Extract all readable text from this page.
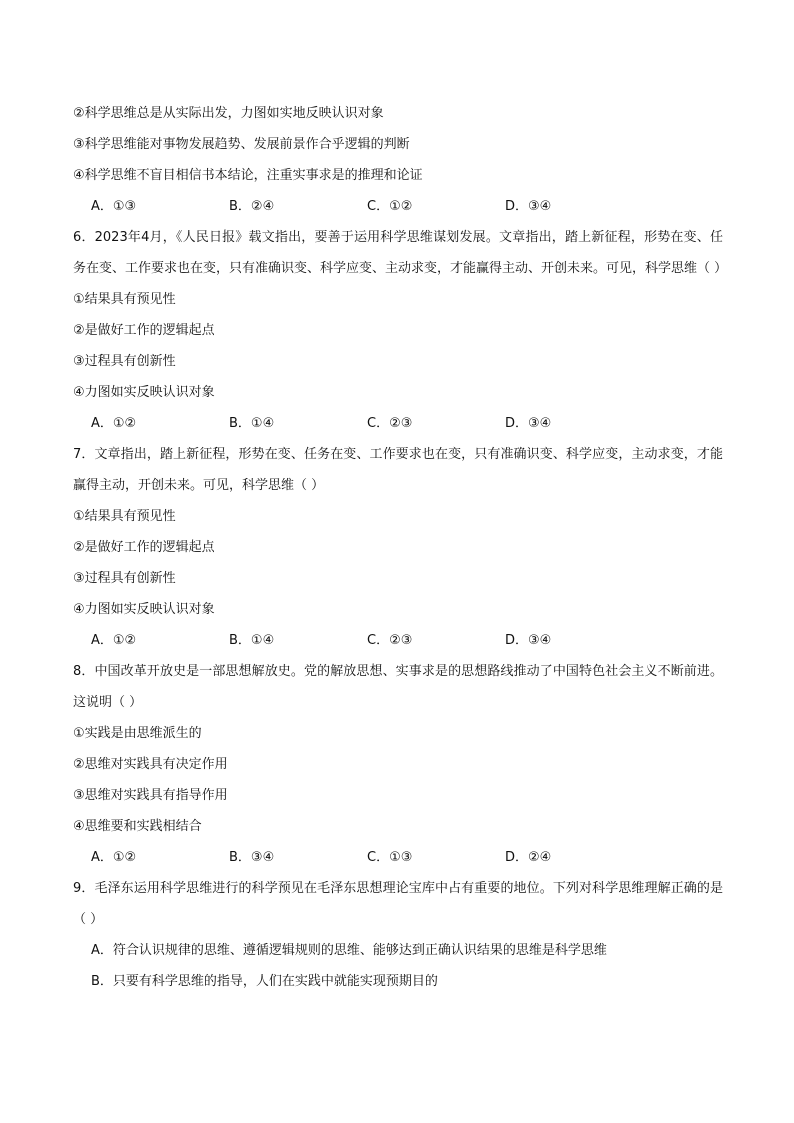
②科学思维总是从实际出发，力图如实地反映认识对象
③科学思维能对事物发展趋势、发展前景作合乎逻辑的判断
④科学思维不盲目相信书本结论，注重实事求是的推理和论证
A．①③	B．②④	C．①②	D．③④
6．2023年4月，《人民日报》载文指出，要善于运用科学思维谋划发展。文章指出，踏上新征程，形势在变、任务在变、工作要求也在变，只有准确识变、科学应变、主动求变，才能赢得主动、开创未来。可见，科学思维（ ）
①结果具有预见性
②是做好工作的逻辑起点
③过程具有创新性
④力图如实反映认识对象
A．①②	B．①④	C．②③	D．③④
7．文章指出，踏上新征程，形势在变、任务在变、工作要求也在变，只有准确识变、科学应变，主动求变，才能赢得主动，开创未来。可见，科学思维（ ）
①结果具有预见性
②是做好工作的逻辑起点
③过程具有创新性
④力图如实反映认识对象
A．①②	B．①④	C．②③	D．③④
8．中国改革开放史是一部思想解放史。党的解放思想、实事求是的思想路线推动了中国特色社会主义不断前进。这说明（ ）
①实践是由思维派生的
②思维对实践具有决定作用
③思维对实践具有指导作用
④思维要和实践相结合
A．①②	B．③④	C．①③	D．②④
9．毛泽东运用科学思维进行的科学预见在毛泽东思想理论宝库中占有重要的地位。下列对科学思维理解正确的是（ ）
A．符合认识规律的思维、遵循逻辑规则的思维、能够达到正确认识结果的思维是科学思维
B．只要有科学思维的指导，人们在实践中就能实现预期目的
